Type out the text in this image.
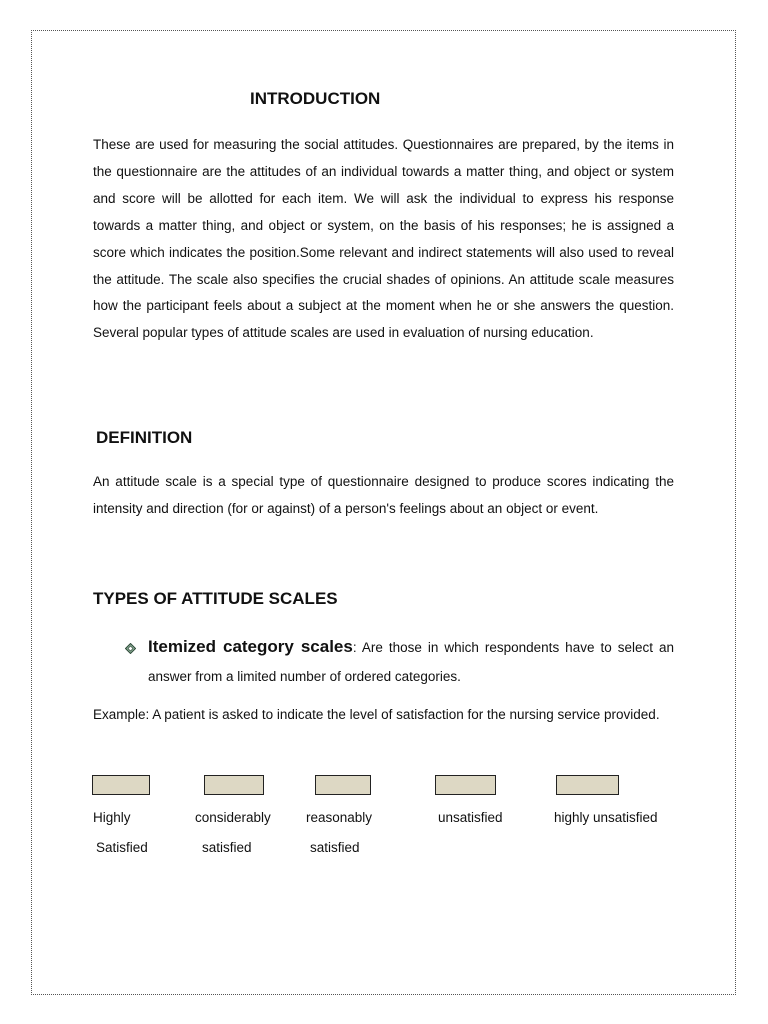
INTRODUCTION

These are used for measuring the social attitudes. Questionnaires are prepared, by the items in the questionnaire are the attitudes of an individual towards a matter thing, and object or system and score will be allotted for each item. We will ask the individual to express his response towards a matter thing, and object or system, on the basis of his responses; he is assigned a score which indicates the position.Some relevant and indirect statements will also used to reveal the attitude. The scale also specifies the crucial shades of opinions. An attitude scale measures how the participant feels about a subject at the moment when he or she answers the question. Several popular types of attitude scales are used in evaluation of nursing education.

DEFINITION

An attitude scale is a special type of questionnaire designed to produce scores indicating the intensity and direction (for or against) of a person's feelings about an object or event.

TYPES OF ATTITUDE SCALES

Itemized category scales: Are those in which respondents have to select an answer from a limited number of ordered categories.

Example: A patient is asked to indicate the level of satisfaction for the nursing service provided.

Highly
Satisfied
considerably
satisfied
reasonably
satisfied
unsatisfied	highly unsatisfied
